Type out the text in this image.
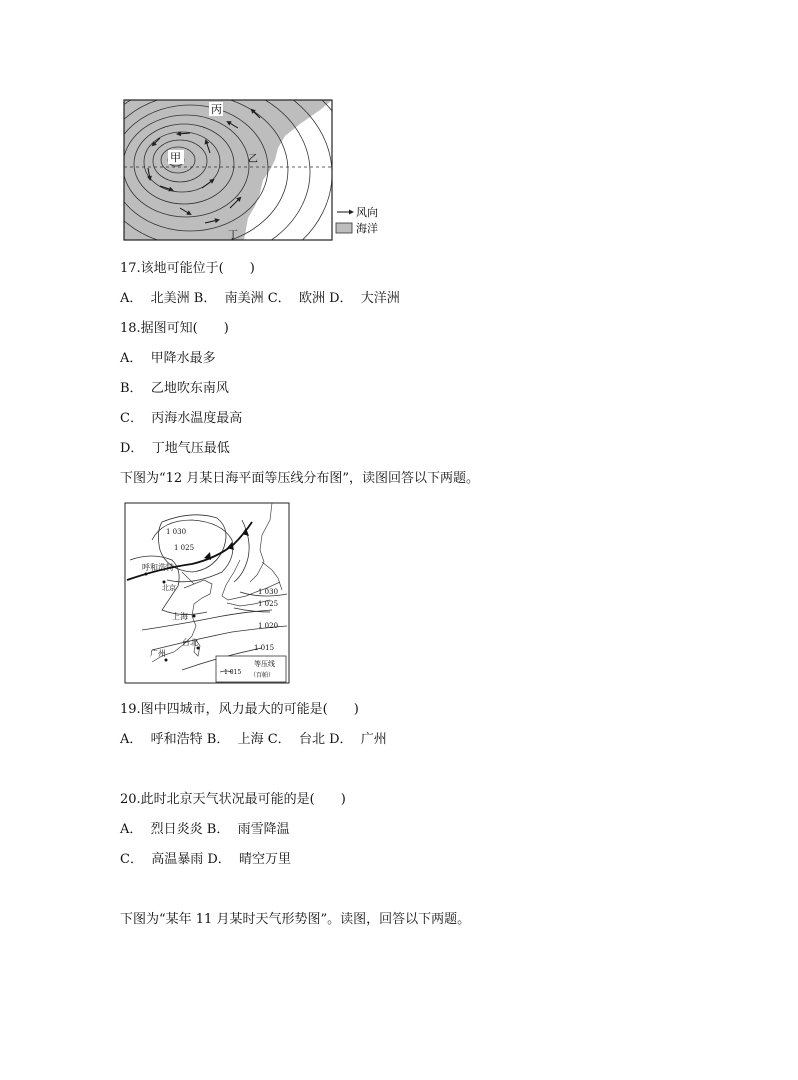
丙
甲	乙
丁
风向
海洋
17.该地可能位于(　　)
A．  北美洲 B．  南美洲 C．  欧洲 D．  大洋洲
18.据图可知(　　)
A．  甲降水最多
B．  乙地吹东南风
C．  丙海水温度最高
D．  丁地气压最低
下图为“12 月某日海平面等压线分布图”，读图回答以下两题。
1 030
1 025
1 030
1 025
1 020
1 015
呼和浩特
北京
上海
台北
广州
1 015
等压线
（百帕）
19.图中四城市，风力最大的可能是(　　)
A．  呼和浩特 B．  上海 C．  台北 D．  广州
20.此时北京天气状况最可能的是(　　)
A．  烈日炎炎 B．  雨雪降温
C．  高温暴雨 D．  晴空万里
下图为“某年 11 月某时天气形势图”。读图，回答以下两题。
